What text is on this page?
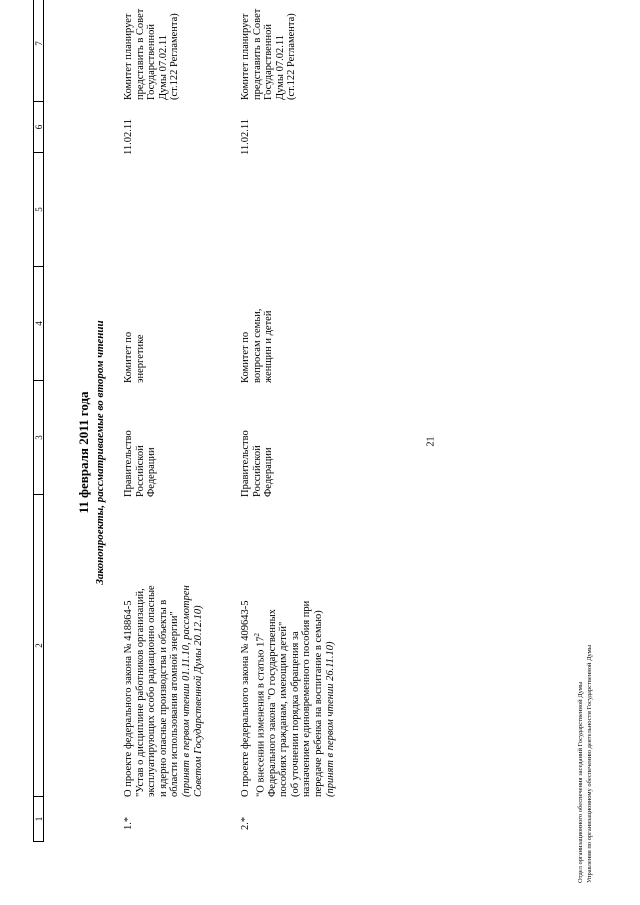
21
1
2
3
4
5
6
7
11 февраля 2011 года Законопроекты, рассматриваемые во втором чтении
1.*
О проекте федерального закона № 418864-5 "Устав о дисциплине работников организаций, эксплуатирующих особо радиационно опасные и ядерно опасные производства и объекты в области использования атомной энергии" (принят в первом чтении 01.11.10, рассмотрен Советом Государственной Думы 20.12.10)
Правительство Российской Федерации
Комитет по энергетике
11.02.11
Комитет планирует представить в Совет Государственной Думы 07.02.11 (ст.122 Регламента)
2.*
О проекте федерального закона № 409643-5 "О внесении изменения в статью $17^2$ Федерального закона "О государственных пособиях гражданам, имеющим детей" (об уточнении порядка обращения за назначением единовременного пособия при передаче ребенка на воспитание в семью) (принят в первом чтении 26.11.10)
Правительство Российской Федерации
Комитет по вопросам семьи, женщин и детей
11.02.11
Комитет планирует представить в Совет Государственной Думы 07.02.11 (ст.122 Регламента)
Отдел организационного обеспечения заседаний Государственной Думы Управления по организационному обеспечению деятельности Государственной Думы
